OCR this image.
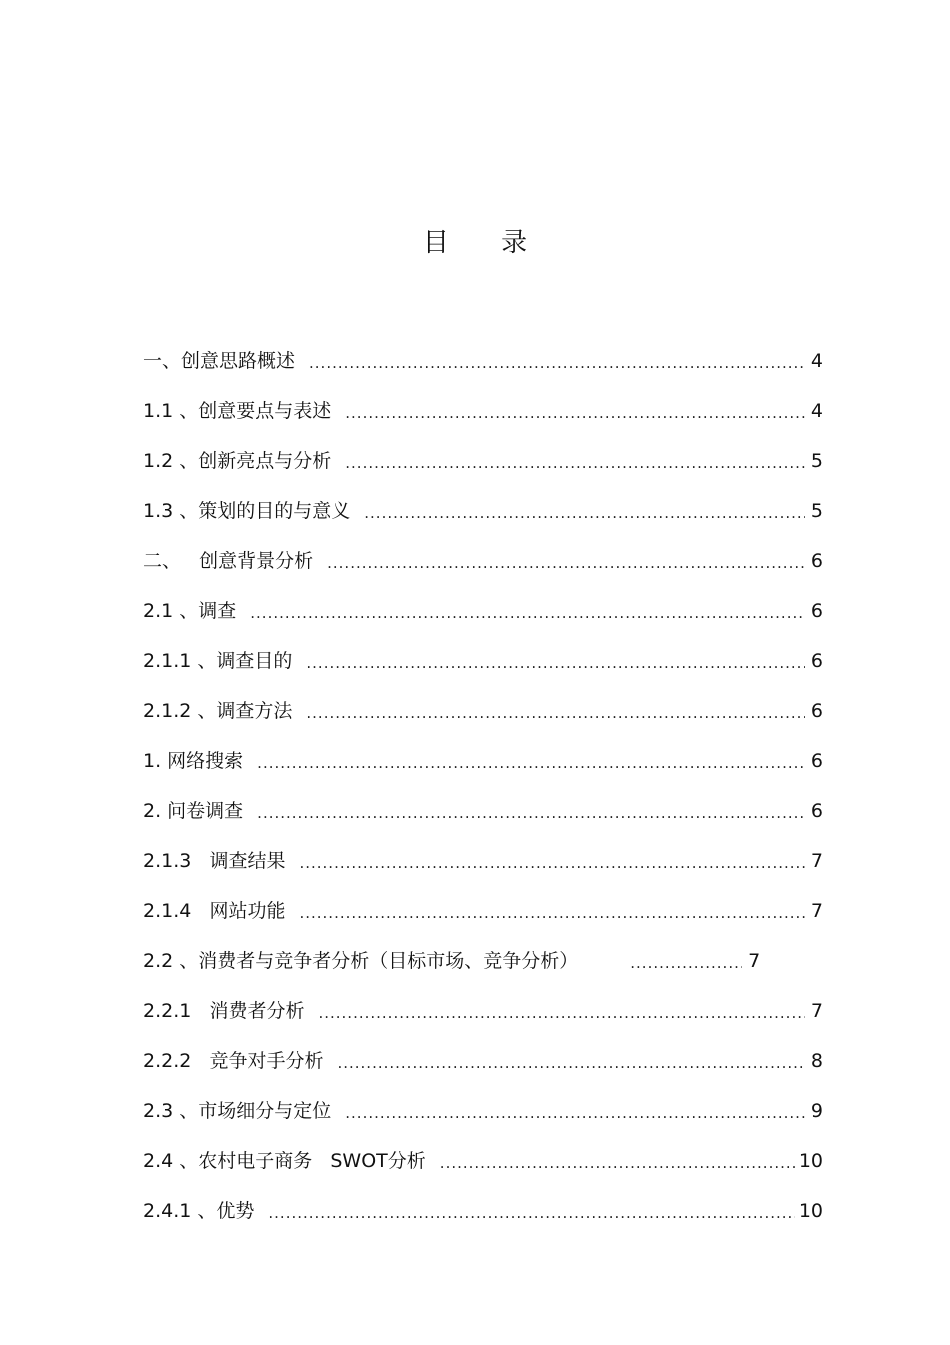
目 录
一、创意思路概述 .....	4
1.1 、创意要点与表述 .....	4
1.2 、创新亮点与分析 .....	5
1.3 、策划的目的与意义 .....	5
二、   创意背景分析 .....	6
2.1 、调查 .....	6
2.1.1 、调查目的 .....	6
2.1.2 、调查方法 .....	6
1. 网络搜索 .....	6
2. 问卷调查 .....	6
2.1.3   调查结果 .....	7
2.1.4   网站功能 .....	7
2.2 、消费者与竞争者分析（目标市场、竞争分析） .....	7
2.2.1   消费者分析 .....	7
2.2.2   竞争对手分析 .....	8
2.3 、市场细分与定位 .....	9
2.4 、农村电子商务   SWOT分析 .....	10
2.4.1 、优势 .....	10
